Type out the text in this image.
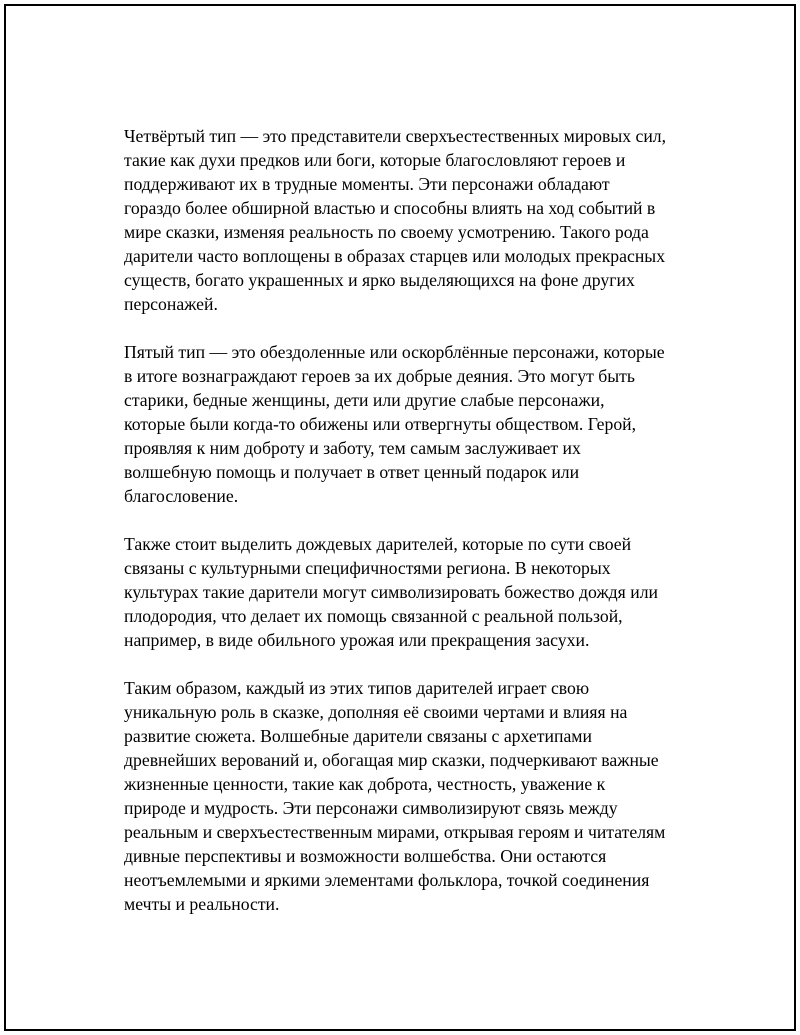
Четвёртый тип — это представители сверхъестественных мировых сил,
такие как духи предков или боги, которые благословляют героев и
поддерживают их в трудные моменты. Эти персонажи обладают
гораздо более обширной властью и способны влиять на ход событий в
мире сказки, изменяя реальность по своему усмотрению. Такого рода
дарители часто воплощены в образах старцев или молодых прекрасных
существ, богато украшенных и ярко выделяющихся на фоне других
персонажей.

Пятый тип — это обездоленные или оскорблённые персонажи, которые
в итоге вознаграждают героев за их добрые деяния. Это могут быть
старики, бедные женщины, дети или другие слабые персонажи,
которые были когда-то обижены или отвергнуты обществом. Герой,
проявляя к ним доброту и заботу, тем самым заслуживает их
волшебную помощь и получает в ответ ценный подарок или
благословение.

Также стоит выделить дождевых дарителей, которые по сути своей
связаны с культурными специфичностями региона. В некоторых
культурах такие дарители могут символизировать божество дождя или
плодородия, что делает их помощь связанной с реальной пользой,
например, в виде обильного урожая или прекращения засухи.

Таким образом, каждый из этих типов дарителей играет свою
уникальную роль в сказке, дополняя её своими чертами и влияя на
развитие сюжета. Волшебные дарители связаны с архетипами
древнейших верований и, обогащая мир сказки, подчеркивают важные
жизненные ценности, такие как доброта, честность, уважение к
природе и мудрость. Эти персонажи символизируют связь между
реальным и сверхъестественным мирами, открывая героям и читателям
дивные перспективы и возможности волшебства. Они остаются
неотъемлемыми и яркими элементами фольклора, точкой соединения
мечты и реальности.
